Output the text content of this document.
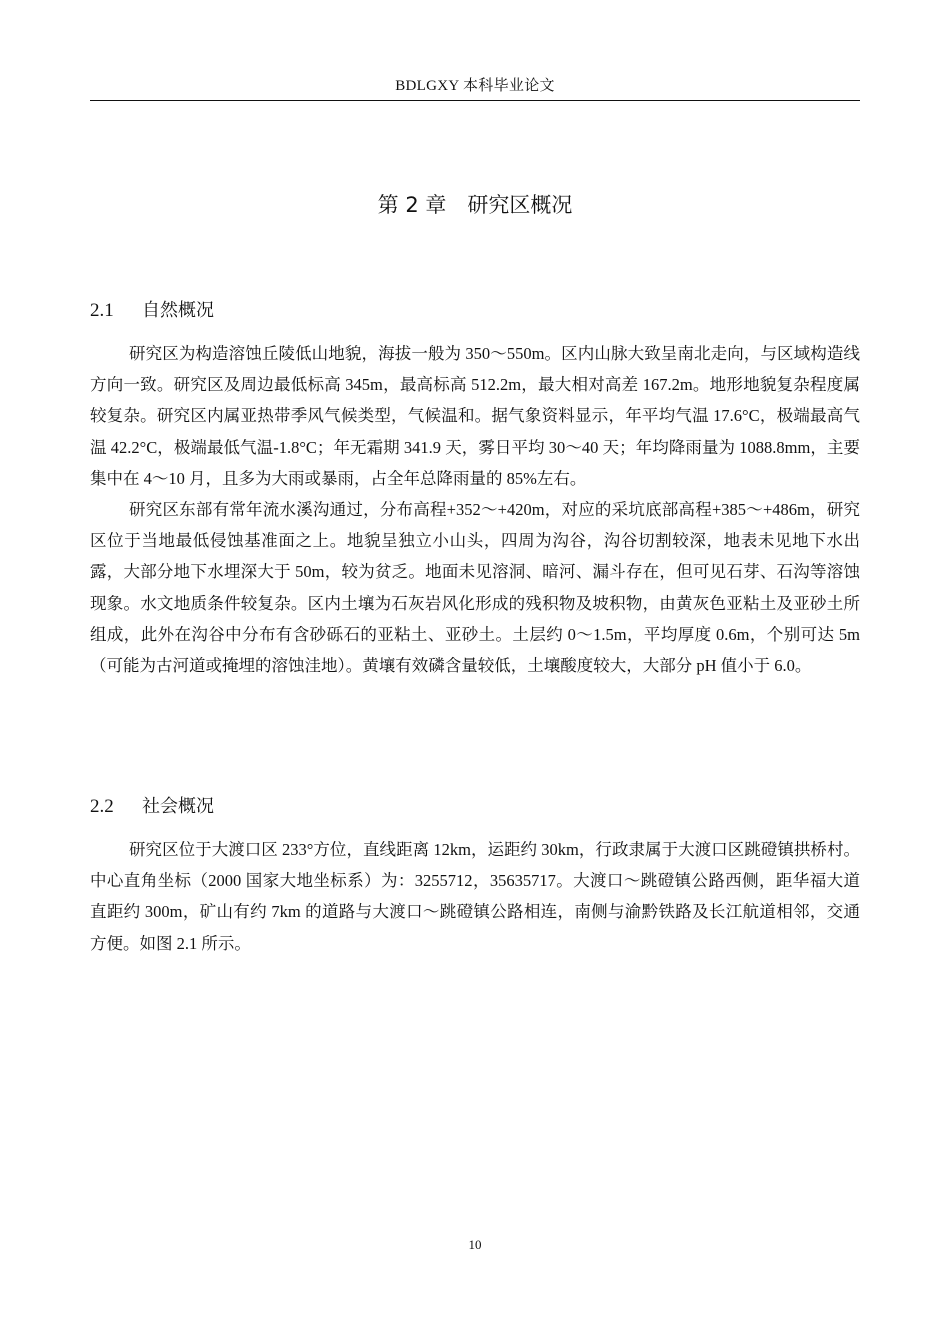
BDLGXY 本科毕业论文
第 2 章　研究区概况
2.1	自然概况

研究区为构造溶蚀丘陵低山地貌，海拔一般为 350～550m。区内山脉大致呈南北走向，与区域构造线方向一致。研究区及周边最低标高 345m，最高标高 512.2m，最大相对高差 167.2m。地形地貌复杂程度属较复杂。研究区内属亚热带季风气候类型，气候温和。据气象资料显示，年平均气温 17.6°C，极端最高气温 42.2°C，极端最低气温-1.8°C；年无霜期 341.9 天，雾日平均 30～40 天；年均降雨量为 1088.8mm，主要集中在 4～10 月，且多为大雨或暴雨，占全年总降雨量的 85%左右。

研究区东部有常年流水溪沟通过，分布高程+352～+420m，对应的采坑底部高程+385～+486m，研究区位于当地最低侵蚀基准面之上。地貌呈独立小山头，四周为沟谷，沟谷切割较深，地表未见地下水出露，大部分地下水埋深大于 50m，较为贫乏。地面未见溶洞、暗河、漏斗存在，但可见石芽、石沟等溶蚀现象。水文地质条件较复杂。区内土壤为石灰岩风化形成的残积物及坡积物，由黄灰色亚粘土及亚砂土所组成，此外在沟谷中分布有含砂砾石的亚粘土、亚砂土。土层约 0～1.5m，平均厚度 0.6m，个别可达 5m（可能为古河道或掩埋的溶蚀洼地）。黄壤有效磷含量较低，土壤酸度较大，大部分 pH 值小于 6.0。

2.2	社会概况

研究区位于大渡口区 233°方位，直线距离 12km，运距约 30km，行政隶属于大渡口区跳磴镇拱桥村。中心直角坐标（2000 国家大地坐标系）为：3255712，35635717。大渡口～跳磴镇公路西侧，距华福大道直距约 300m，矿山有约 7km 的道路与大渡口～跳磴镇公路相连，南侧与渝黔铁路及长江航道相邻，交通方便。如图 2.1 所示。

10
